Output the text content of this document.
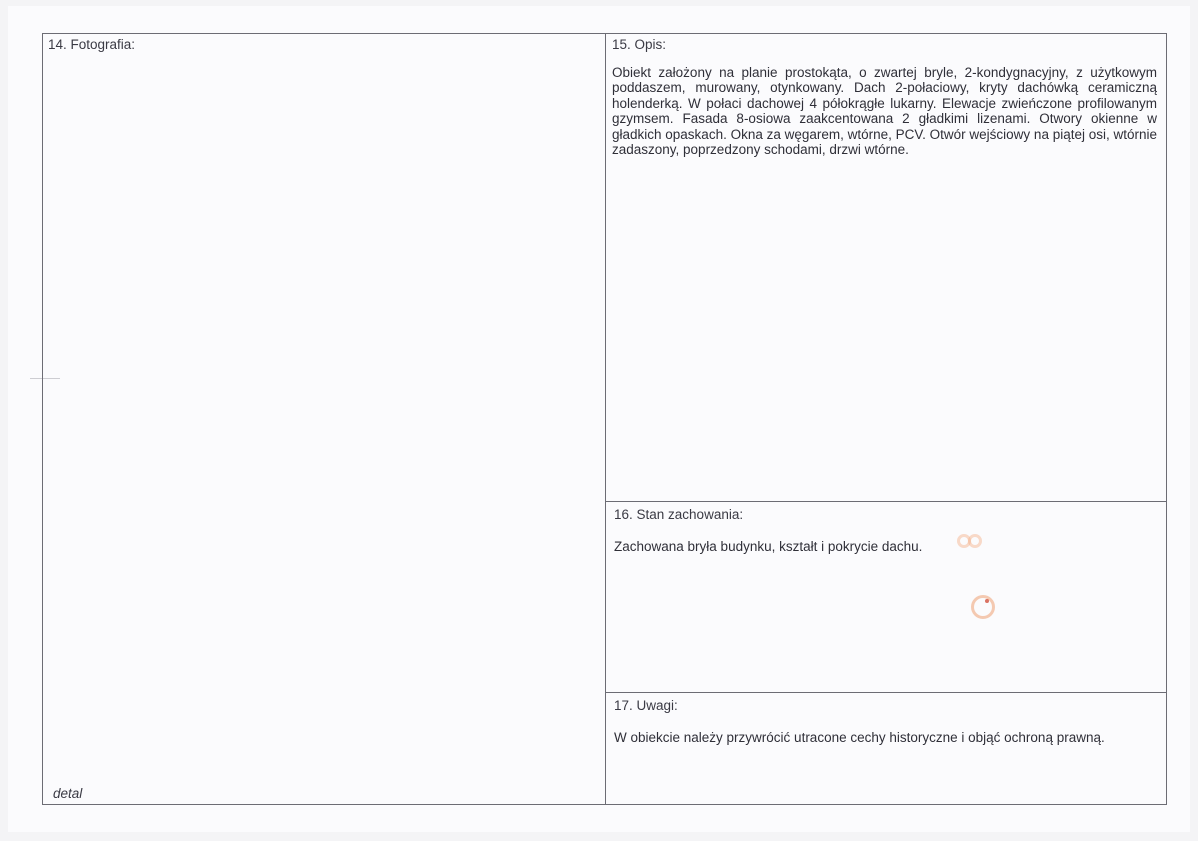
14. Fotografia:
detal
15. Opis:
Obiekt założony na planie prostokąta, o zwartej bryle, 2-kondygnacyjny, z użytkowym poddaszem, murowany, otynkowany. Dach 2-połaciowy, kryty dachówką ceramiczną holenderką. W połaci dachowej 4 półokrągłe lukarny. Elewacje zwieńczone profilowanym gzymsem. Fasada 8-osiowa zaakcentowana 2 gładkimi lizenami. Otwory okienne w gładkich opaskach. Okna za węgarem, wtórne, PCV. Otwór wejściowy na piątej osi, wtórnie zadaszony, poprzedzony schodami, drzwi wtórne.
16. Stan zachowania:
Zachowana bryła budynku, kształt i pokrycie dachu.
17. Uwagi:
W obiekcie należy przywrócić utracone cechy historyczne i objąć ochroną prawną.
